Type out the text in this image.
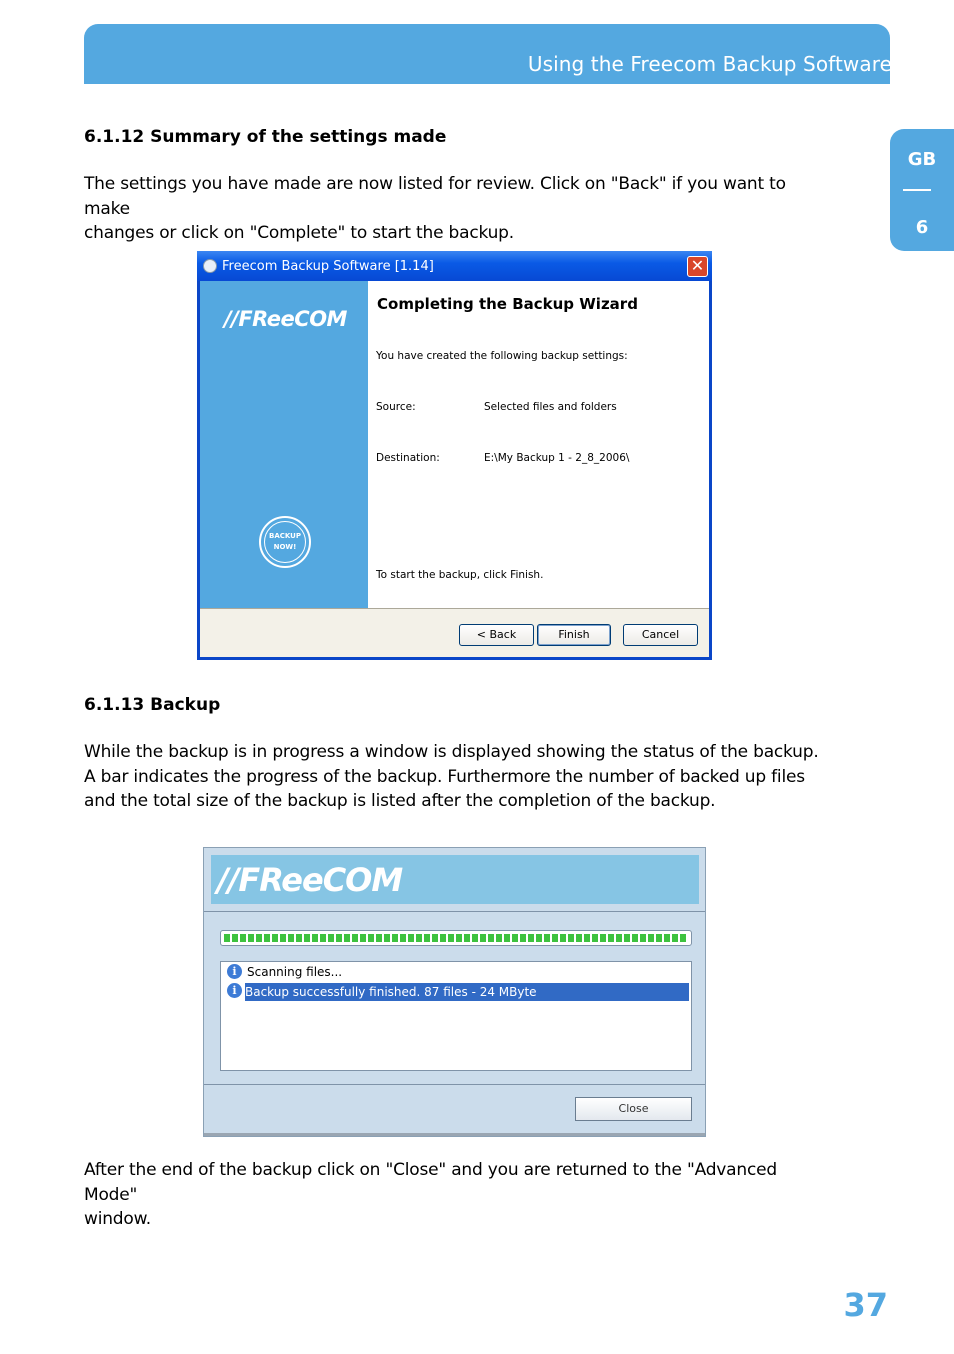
Using the Freecom Backup Software
GB
6
6.1.12 Summary of the settings made

The settings you have made are now listed for review. Click on "Back" if you want to make
changes or click on "Complete" to start the backup.

Freecom Backup Software [1.14]	✕
//FReeCOM
BACKUP
NOW!
Completing the Backup Wizard
You have created the following backup settings:
Source:	Selected files and folders
Destination:	E:\My Backup 1 - 2_8_2006\
To start the backup, click Finish.
< Back	Finish	Cancel
6.1.13 Backup

While the backup is in progress a window is displayed showing the status of the backup.
A bar indicates the progress of the backup. Furthermore the number of backed up files
and the total size of the backup is listed after the completion of the backup.

//FReeCOM
i Scanning files...
i Backup successfully finished. 87 files - 24 MByte
Close

After the end of the backup click on "Close" and you are returned to the "Advanced Mode"
window.

37
